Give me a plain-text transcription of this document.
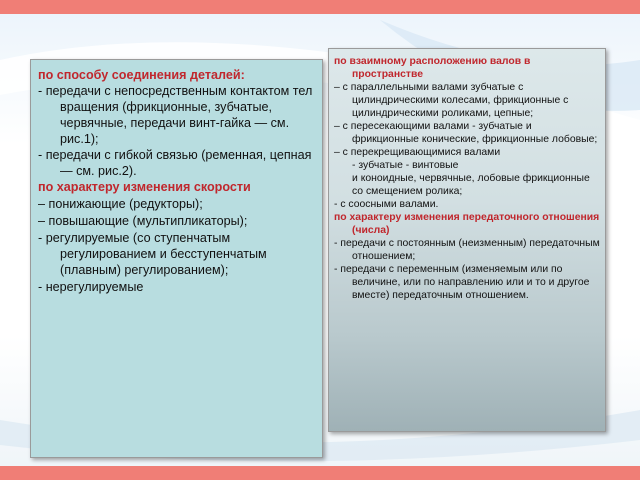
по способу соединения деталей:

- передачи с непосредственным контактом тел вращения (фрикционные, зубчатые, червячные, передачи винт-гайка — см. рис.1);

- передачи с гибкой связью (ременная, цепная — см. рис.2).

по характеру изменения скорости

– понижающие (редукторы);

– повышающие (мультипликаторы);

- регулируемые (со ступенчатым регулированием и бесступенчатым (плавным) регулированием);

- нерегулируемые

по взаимному расположению валов в пространстве

– с параллельными валами зубчатые с цилиндрическими колесами, фрикционные с цилиндрическими роликами, цепные;

– с пересекающими валами - зубчатые и фрикционные конические, фрикционные лобовые;

– с перекрещивающимися валами

- зубчатые - винтовые

и коноидные, червячные, лобовые фрикционные со смещением ролика;

- с соосными валами.

по характеру изменения передаточного отношения (числа)

- передачи с постоянным (неизменным) передаточным отношением;

- передачи с переменным (изменяемым или по величине, или по направлению или и то и другое вместе) передаточным отношением.
